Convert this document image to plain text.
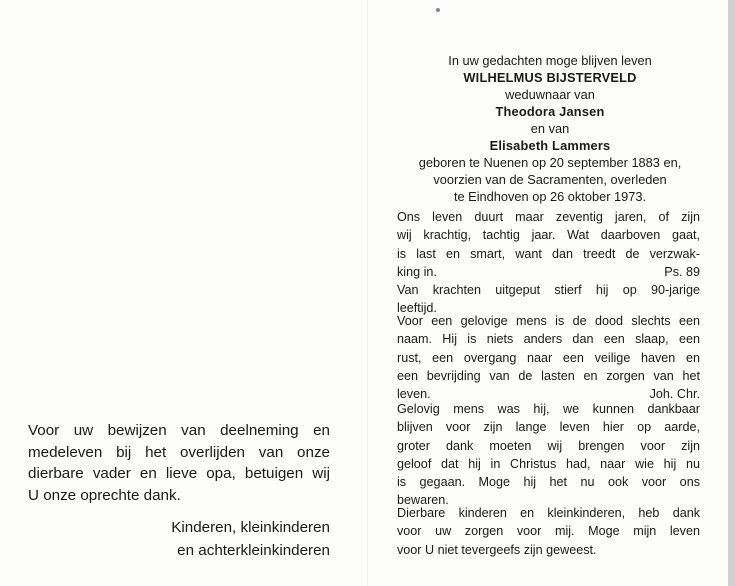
Voor uw bewijzen van deelneming en

medeleven bij het overlijden van onze

dierbare vader en lieve opa, betuigen wij

U onze oprechte dank.

Kinderen, kleinkinderen
en achterkleinkinderen
In uw gedachten moge blijven leven
WILHELMUS BIJSTERVELD
weduwnaar van
Theodora Jansen
en van
Elisabeth Lammers
geboren te Nuenen op 20 september 1883 en,
voorzien van de Sacramenten, overleden
te Eindhoven op 26 oktober 1973.
Ons leven duurt maar zeventig jaren, of zijn
wij krachtig, tachtig jaar. Wat daarboven gaat,
is last en smart, want dan treedt de verzwak-
king in.	Ps. 89
Van krachten uitgeput stierf hij op 90-jarige
leeftijd.
Voor een gelovige mens is de dood slechts een
naam. Hij is niets anders dan een slaap, een
rust, een overgang naar een veilige haven en
een bevrijding van de lasten en zorgen van het
leven.	Joh. Chr.
Gelovig mens was hij, we kunnen dankbaar
blijven voor zijn lange leven hier op aarde,
groter dank moeten wij brengen voor zijn
geloof dat hij in Christus had, naar wie hij nu
is gegaan. Moge hij het nu ook voor ons
bewaren.
Dierbare kinderen en kleinkinderen, heb dank
voor uw zorgen voor mij. Moge mijn leven
voor U niet tevergeefs zijn geweest.
